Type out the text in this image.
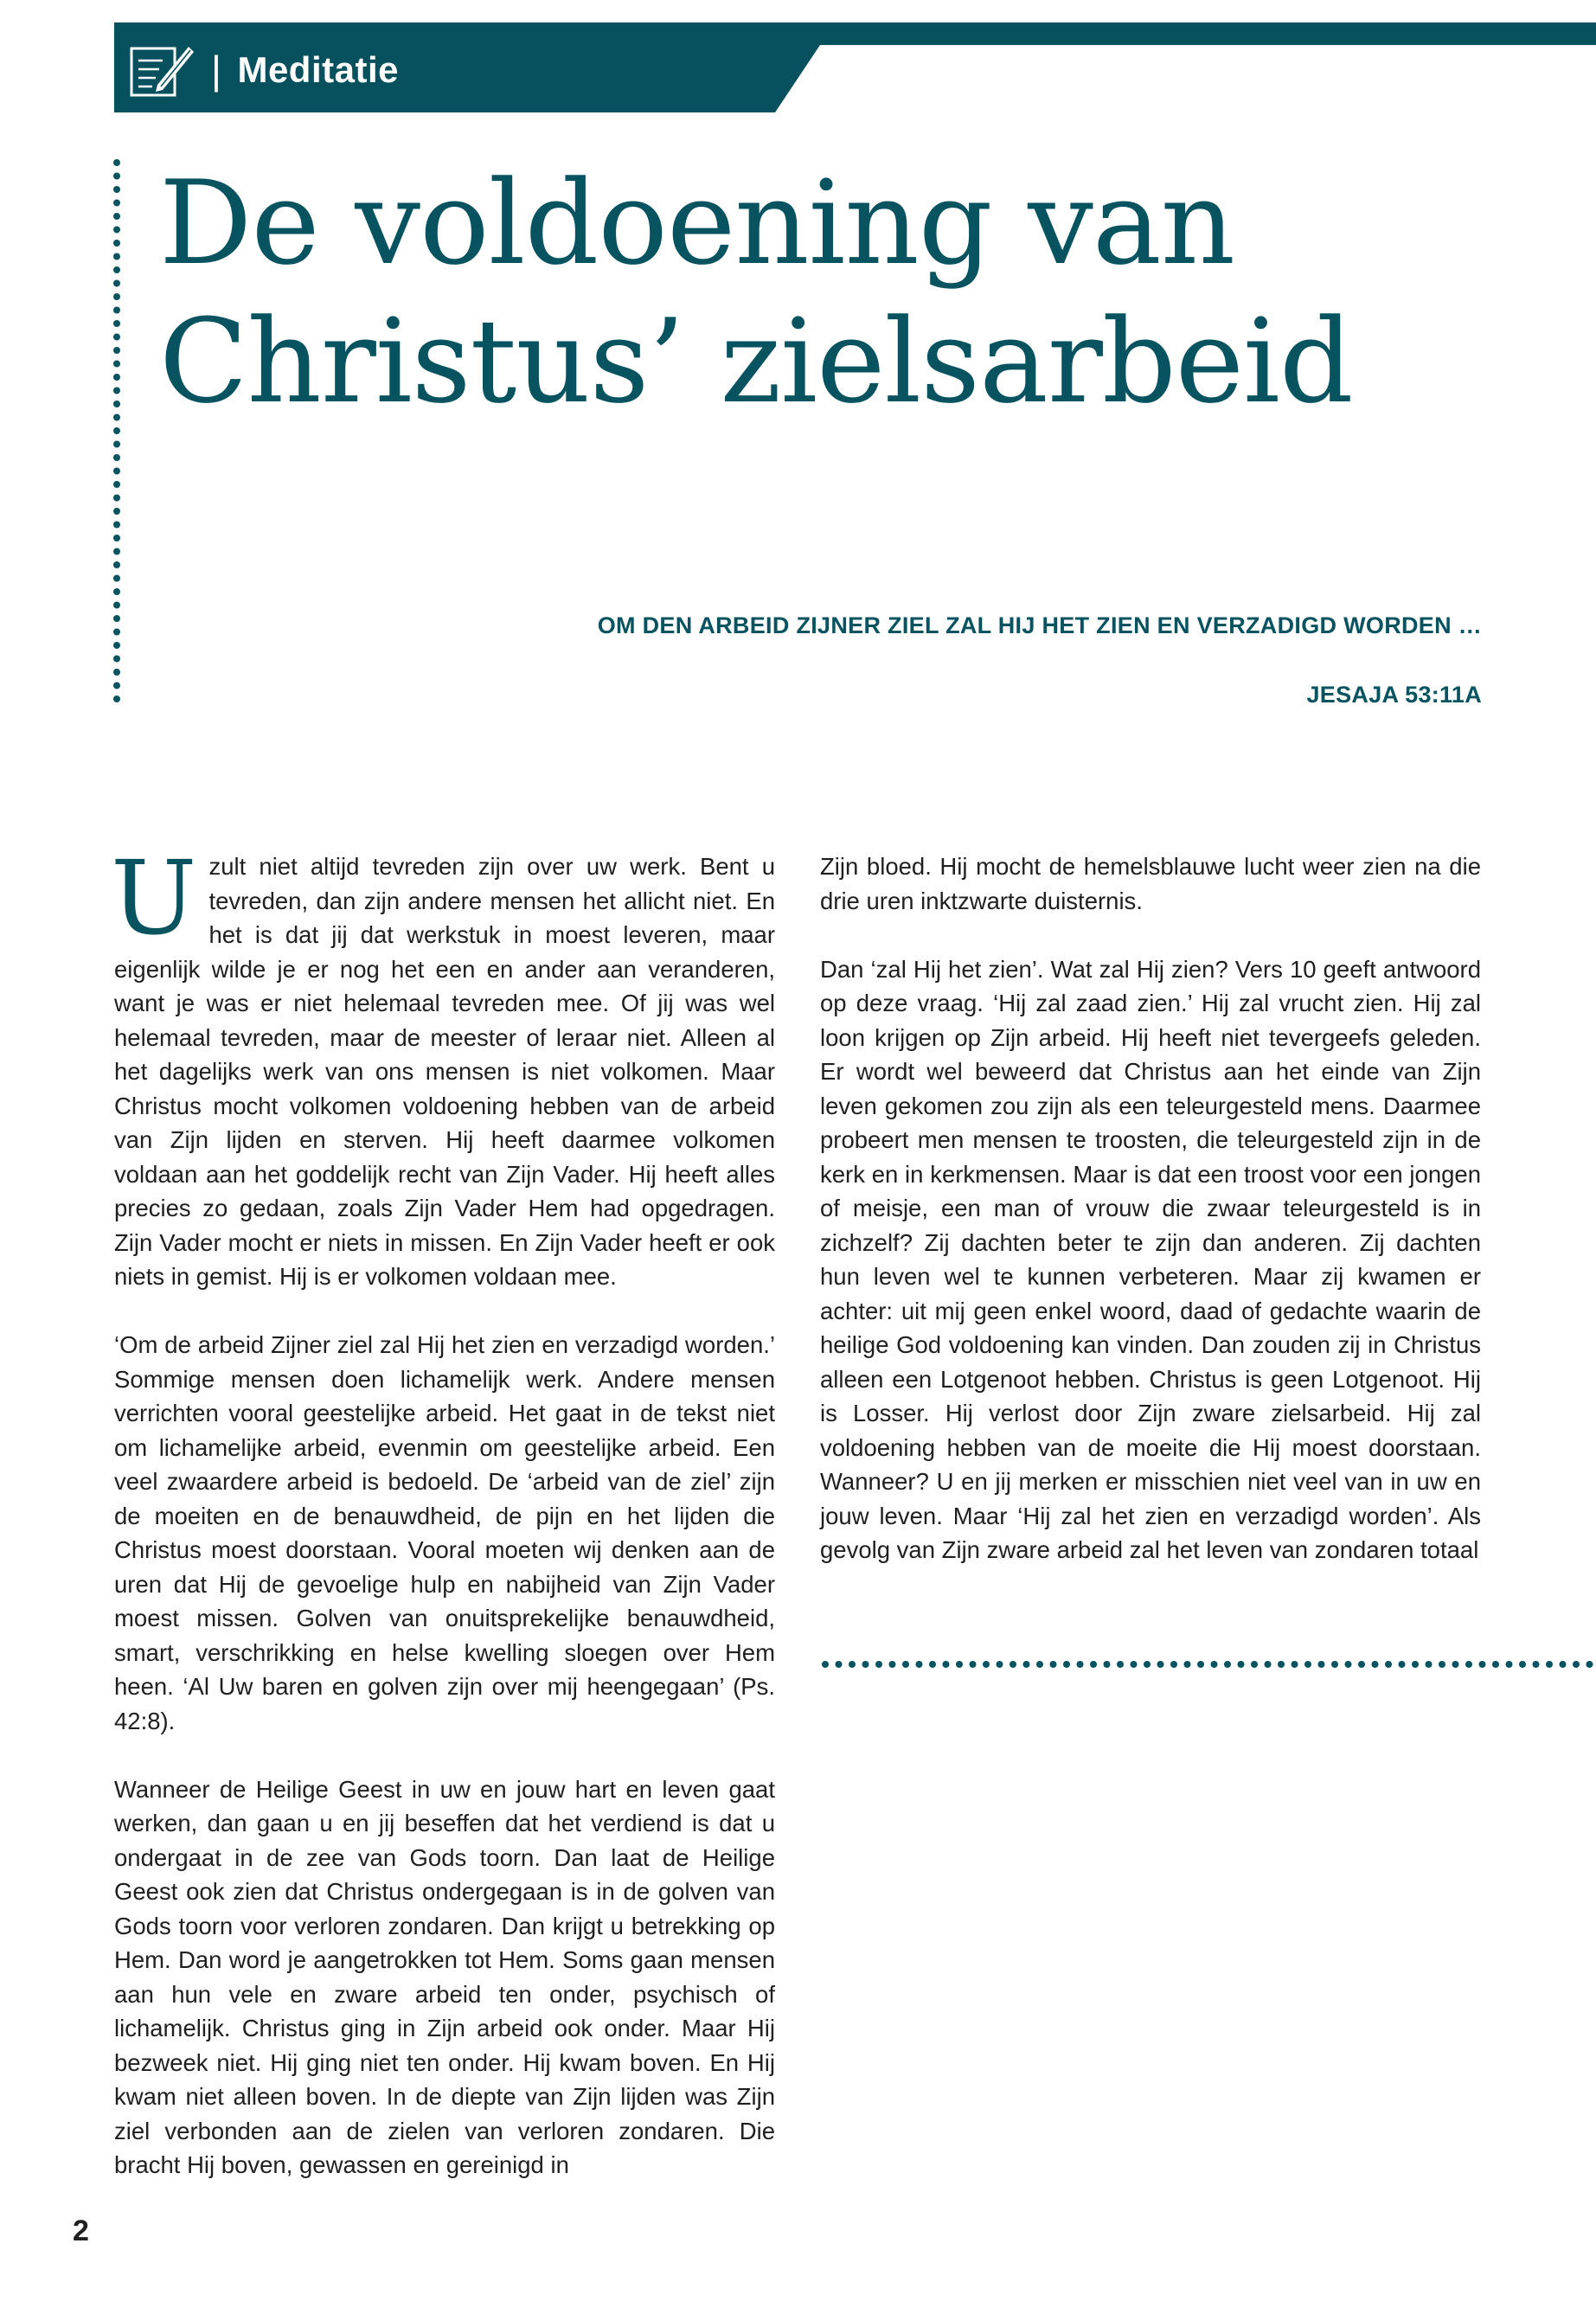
| Meditatie
De voldoening van
Christus’ zielsarbeid
OM DEN ARBEID ZIJNER ZIEL ZAL HIJ HET ZIEN EN VERZADIGD WORDEN …
JESAJA 53:11A

U zult niet altijd tevreden zijn over uw werk. Bent u tevreden, dan zijn andere mensen het allicht niet. En het is dat jij dat werkstuk in moest leveren, maar eigenlijk wilde je er nog het een en ander aan veranderen, want je was er niet helemaal tevreden mee. Of jij was wel helemaal tevreden, maar de meester of leraar niet. Alleen al het dagelijks werk van ons mensen is niet volkomen. Maar Christus mocht volkomen voldoening hebben van de arbeid van Zijn lijden en sterven. Hij heeft daarmee volkomen voldaan aan het goddelijk recht van Zijn Vader. Hij heeft alles precies zo gedaan, zoals Zijn Vader Hem had opgedragen. Zijn Vader mocht er niets in missen. En Zijn Vader heeft er ook niets in gemist. Hij is er volkomen voldaan mee.

‘Om de arbeid Zijner ziel zal Hij het zien en verzadigd worden.’ Sommige mensen doen lichamelijk werk. Andere mensen verrichten vooral geestelijke arbeid. Het gaat in de tekst niet om lichamelijke arbeid, evenmin om geestelijke arbeid. Een veel zwaardere arbeid is bedoeld. De ‘arbeid van de ziel’ zijn de moeiten en de benauwdheid, de pijn en het lijden die Christus moest doorstaan. Vooral moeten wij denken aan de uren dat Hij de gevoelige hulp en nabijheid van Zijn Vader moest missen. Golven van onuitsprekelijke benauwdheid, smart, verschrikking en helse kwelling sloegen over Hem heen. ‘Al Uw baren en golven zijn over mij heengegaan’ (Ps. 42:8).

Wanneer de Heilige Geest in uw en jouw hart en leven gaat werken, dan gaan u en jij beseffen dat het verdiend is dat u ondergaat in de zee van Gods toorn. Dan laat de Heilige Geest ook zien dat Christus ondergegaan is in de golven van Gods toorn voor verloren zondaren. Dan krijgt u betrekking op Hem. Dan word je aangetrokken tot Hem. Soms gaan mensen aan hun vele en zware arbeid ten onder, psychisch of lichamelijk. Christus ging in Zijn arbeid ook onder. Maar Hij bezweek niet. Hij ging niet ten onder. Hij kwam boven. En Hij kwam niet alleen boven. In de diepte van Zijn lijden was Zijn ziel verbonden aan de zielen van verloren zondaren. Die bracht Hij boven, gewassen en gereinigd in

Zijn bloed. Hij mocht de hemelsblauwe lucht weer zien na die drie uren inktzwarte duisternis.

Dan ‘zal Hij het zien’. Wat zal Hij zien? Vers 10 geeft antwoord op deze vraag. ‘Hij zal zaad zien.’ Hij zal vrucht zien. Hij zal loon krijgen op Zijn arbeid. Hij heeft niet tevergeefs geleden. Er wordt wel beweerd dat Christus aan het einde van Zijn leven gekomen zou zijn als een teleurgesteld mens. Daarmee probeert men mensen te troosten, die teleurgesteld zijn in de kerk en in kerkmensen. Maar is dat een troost voor een jongen of meisje, een man of vrouw die zwaar teleurgesteld is in zichzelf? Zij dachten beter te zijn dan anderen. Zij dachten hun leven wel te kunnen verbeteren. Maar zij kwamen er achter: uit mij geen enkel woord, daad of gedachte waarin de heilige God voldoening kan vinden. Dan zouden zij in Christus alleen een Lotgenoot hebben. Christus is geen Lotgenoot. Hij is Losser. Hij verlost door Zijn zware zielsarbeid. Hij zal voldoening hebben van de moeite die Hij moest doorstaan. Wanneer? U en jij merken er misschien niet veel van in uw en jouw leven. Maar ‘Hij zal het zien en verzadigd worden’. Als gevolg van Zijn zware arbeid zal het leven van zondaren totaal

2
